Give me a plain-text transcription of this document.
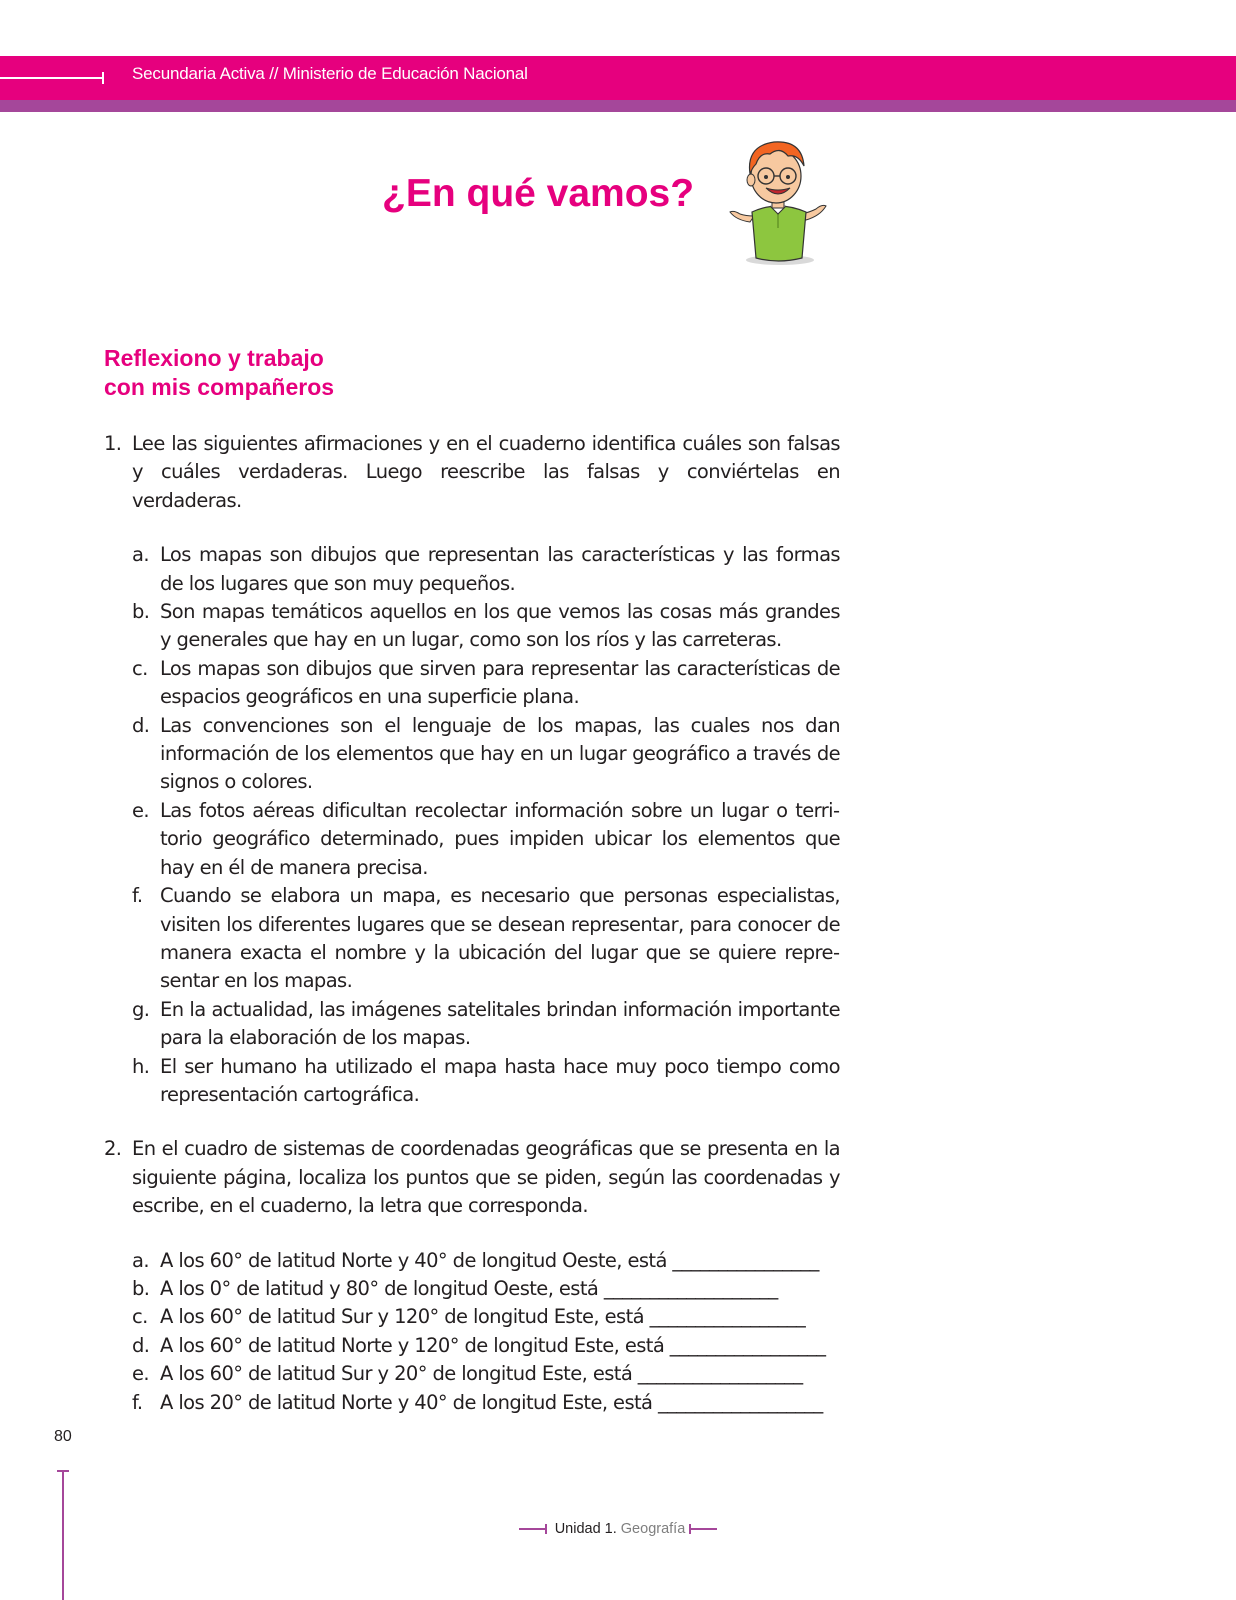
Secundaria Activa // Ministerio de Educación Nacional
¿En qué vamos?
Reflexiono y trabajo
con mis compañeros
1. Lee las siguientes afirmaciones y en el cuaderno identifica cuáles son falsas y cuáles verdaderas. Luego reescribe las falsas y conviértelas en verdaderas.
a. Los mapas son dibujos que representan las características y las formas de los lugares que son muy pequeños.
b. Son mapas temáticos aquellos en los que vemos las cosas más grandes y generales que hay en un lugar, como son los ríos y las carreteras.
c. Los mapas son dibujos que sirven para representar las características de espacios geográficos en una superficie plana.
d. Las convenciones son el lenguaje de los mapas, las cuales nos dan información de los elementos que hay en un lugar geográfico a través de signos o colores.
e. Las fotos aéreas dificultan recolectar información sobre un lugar o territorio geográfico determinado, pues impiden ubicar los elementos que hay en él de manera precisa.
f. Cuando se elabora un mapa, es necesario que personas especialistas, visiten los diferentes lugares que se desean representar, para conocer de manera exacta el nombre y la ubicación del lugar que se quiere representar en los mapas.
g. En la actualidad, las imágenes satelitales brindan información importante para la elaboración de los mapas.
h. El ser humano ha utilizado el mapa hasta hace muy poco tiempo como representación cartográfica.
2. En el cuadro de sistemas de coordenadas geográficas que se presenta en la siguiente página, localiza los puntos que se piden, según las coordenadas y escribe, en el cuaderno, la letra que corresponda.
a. A los 60° de latitud Norte y 40° de longitud Oeste, está ________________
b. A los 0° de latitud y 80° de longitud Oeste, está ___________________
c. A los 60° de latitud Sur y 120° de longitud Este, está _________________
d. A los 60° de latitud Norte y 120° de longitud Este, está _________________
e. A los 60° de latitud Sur y 20° de longitud Este, está __________________
f. A los 20° de latitud Norte y 40° de longitud Este, está __________________
80
Unidad 1. Geografía
